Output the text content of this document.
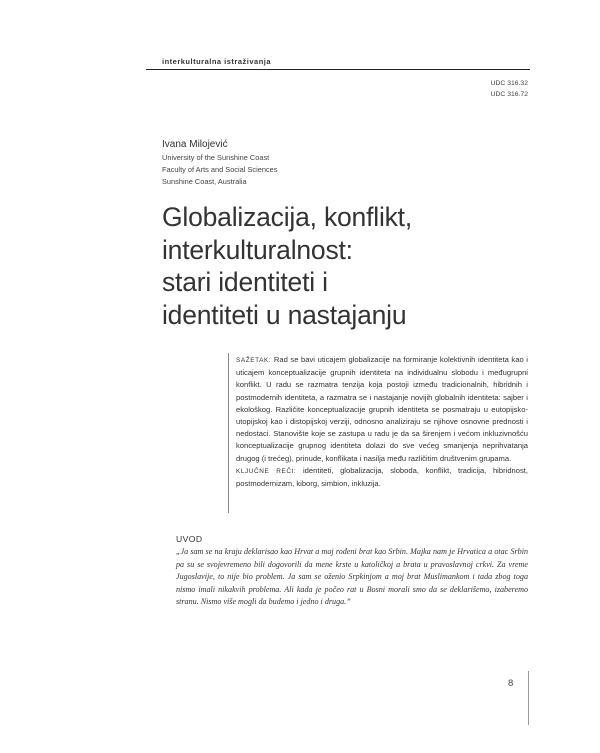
interkulturalna istraživanja
UDC 316.32
UDC 316.72
Ivana Milojević
University of the Sunshine Coast
Faculty of Arts and Social Sciences
Sunshine Coast, Australia
Globalizacija, konflikt,
interkulturalnost:
stari identiteti i
identiteti u nastajanju

SAŽETAK: Rad se bavi uticajem globalizacije na formiranje kolektivnih identiteta kao i uticajem konceptualizacije grupnih identiteta na individualnu slobodu i međugrupni konflikt. U radu se razmatra tenzija koja postoji između tradicionalnih, hibridnih i postmodernih identiteta, a razmatra se i nastajanje novijih globalnih identiteta: sajber i ekološkog. Različite konceptualizacije grupnih identiteta se posmatraju u eutopijsko-utopijskoj kao i distopijskoj verziji, odnosno analiziraju se njihove osnovne prednosti i nedostaci. Stanovište koje se zastupa u radu je da sa širenjem i većom inkluzivnošću konceptualizacije grupnog identiteta dolazi do sve većeg smanjenja neprihvatanja drugog (i trećeg), prinude, konflikata i nasilja među različitim društvenim grupama.

KLJUČNE REČI: identiteti, globalizacija, sloboda, konflikt, tradicija, hibridnost, postmodernizam, kiborg, simbion, inkluzija.

UVOD
„Ja sam se na kraju deklarisao kao Hrvat a moj rođeni brat kao Srbin. Majka nam je Hrvatica a otac Srbin pa su se svojevremeno bili dogovorili da mene krste u katoličkoj a brata u pravoslavnoj crkvi. Za vreme Jugoslavije, to nije bio problem. Ja sam se oženio Srpkinjom a moj brat Muslimankom i tada zbog toga nismo imali nikakvih problema. Ali kada je počeo rat u Bosni morali smo da se deklarišemo, izaberemo stranu. Nismo više mogli da budemo i jedno i druga.”
8
